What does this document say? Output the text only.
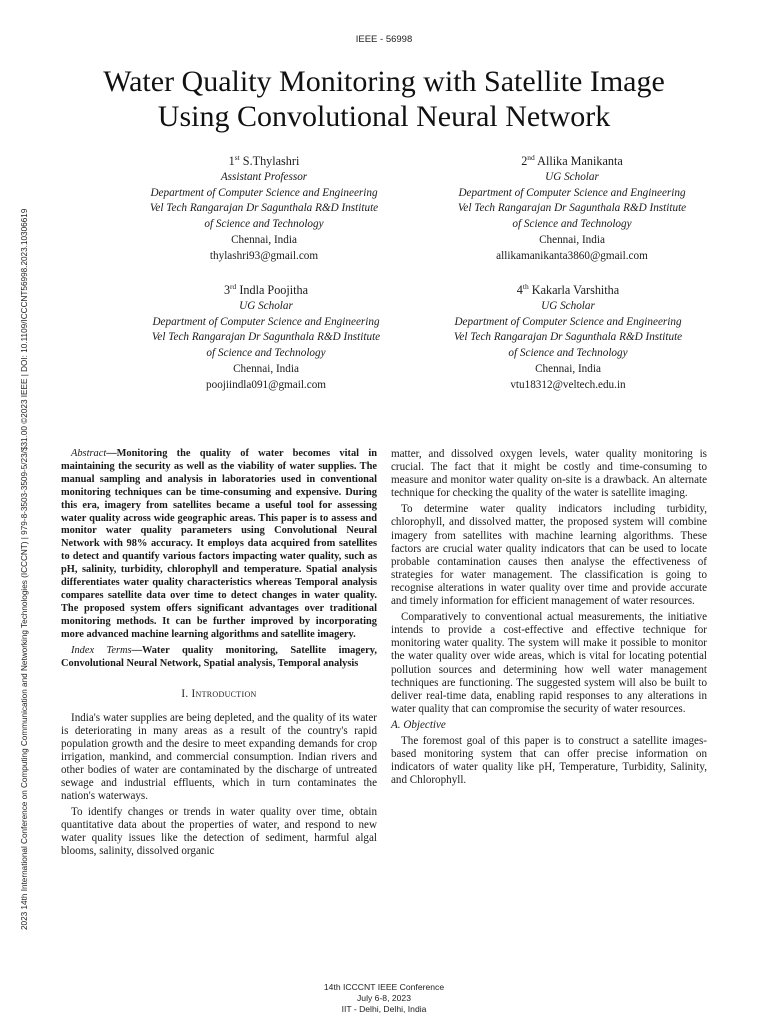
IEEE - 56998
2023 14th International Conference on Computing Communication and Networking Technologies (ICCCNT) | 979-8-3503-3509-5/23/$31.00 ©2023 IEEE | DOI: 10.1109/ICCCNT56998.2023.10306619
Water Quality Monitoring with Satellite Image
Using Convolutional Neural Network
1st S.Thylashri
Assistant Professor
Department of Computer Science and Engineering
Vel Tech Rangarajan Dr Sagunthala R&D Institute
of Science and Technology
Chennai, India
thylashri93@gmail.com
2nd Allika Manikanta
UG Scholar
Department of Computer Science and Engineering
Vel Tech Rangarajan Dr Sagunthala R&D Institute
of Science and Technology
Chennai, India
allikamanikanta3860@gmail.com
3rd Indla Poojitha
UG Scholar
Department of Computer Science and Engineering
Vel Tech Rangarajan Dr Sagunthala R&D Institute
of Science and Technology
Chennai, India
poojiindla091@gmail.com
4th Kakarla Varshitha
UG Scholar
Department of Computer Science and Engineering
Vel Tech Rangarajan Dr Sagunthala R&D Institute
of Science and Technology
Chennai, India
vtu18312@veltech.edu.in

Abstract—Monitoring the quality of water becomes vital in maintaining the security as well as the viability of water supplies. The manual sampling and analysis in laboratories used in conventional monitoring techniques can be time-consuming and expensive. During this era, imagery from satellites became a useful tool for assessing water quality across wide geographic areas. This paper is to assess and monitor water quality parameters using Convolutional Neural Network with 98% accuracy. It employs data acquired from satellites to detect and quantify various factors impacting water quality, such as pH, salinity, turbidity, chlorophyll and temperature. Spatial analysis differentiates water quality characteristics whereas Temporal analysis compares satellite data over time to detect changes in water quality. The proposed system offers significant advantages over traditional monitoring methods. It can be further improved by incorporating more advanced machine learning algorithms and satellite imagery.

Index Terms—Water quality monitoring, Satellite imagery, Convolutional Neural Network, Spatial analysis, Temporal analysis

I. Introduction

India's water supplies are being depleted, and the quality of its water is deteriorating in many areas as a result of the country's rapid population growth and the desire to meet expanding demands for crop irrigation, mankind, and commercial consumption. Indian rivers and other bodies of water are contaminated by the discharge of untreated sewage and industrial effluents, which in turn contaminates the nation's waterways.

To identify changes or trends in water quality over time, obtain quantitative data about the properties of water, and respond to new water quality issues like the detection of sediment, harmful algal blooms, salinity, dissolved organic

matter, and dissolved oxygen levels, water quality monitoring is crucial. The fact that it might be costly and time-consuming to measure and monitor water quality on-site is a drawback. An alternate technique for checking the quality of the water is satellite imaging.

To determine water quality indicators including turbidity, chlorophyll, and dissolved matter, the proposed system will combine imagery from satellites with machine learning algorithms. These factors are crucial water quality indicators that can be used to locate probable contamination causes then analyse the effectiveness of strategies for water management. The classification is going to recognise alterations in water quality over time and provide accurate and timely information for efficient management of water resources.

Comparatively to conventional actual measurements, the initiative intends to provide a cost-effective and effective technique for monitoring water quality. The system will make it possible to monitor the water quality over wide areas, which is vital for locating potential pollution sources and determining how well water management techniques are functioning. The suggested system will also be built to deliver real-time data, enabling rapid responses to any alterations in water quality that can compromise the security of water resources.

A. Objective

The foremost goal of this paper is to construct a satellite images-based monitoring system that can offer precise information on indicators of water quality like pH, Temperature, Turbidity, Salinity, and Chlorophyll.

14th ICCCNT IEEE Conference
July 6-8, 2023
IIT - Delhi, Delhi, India
